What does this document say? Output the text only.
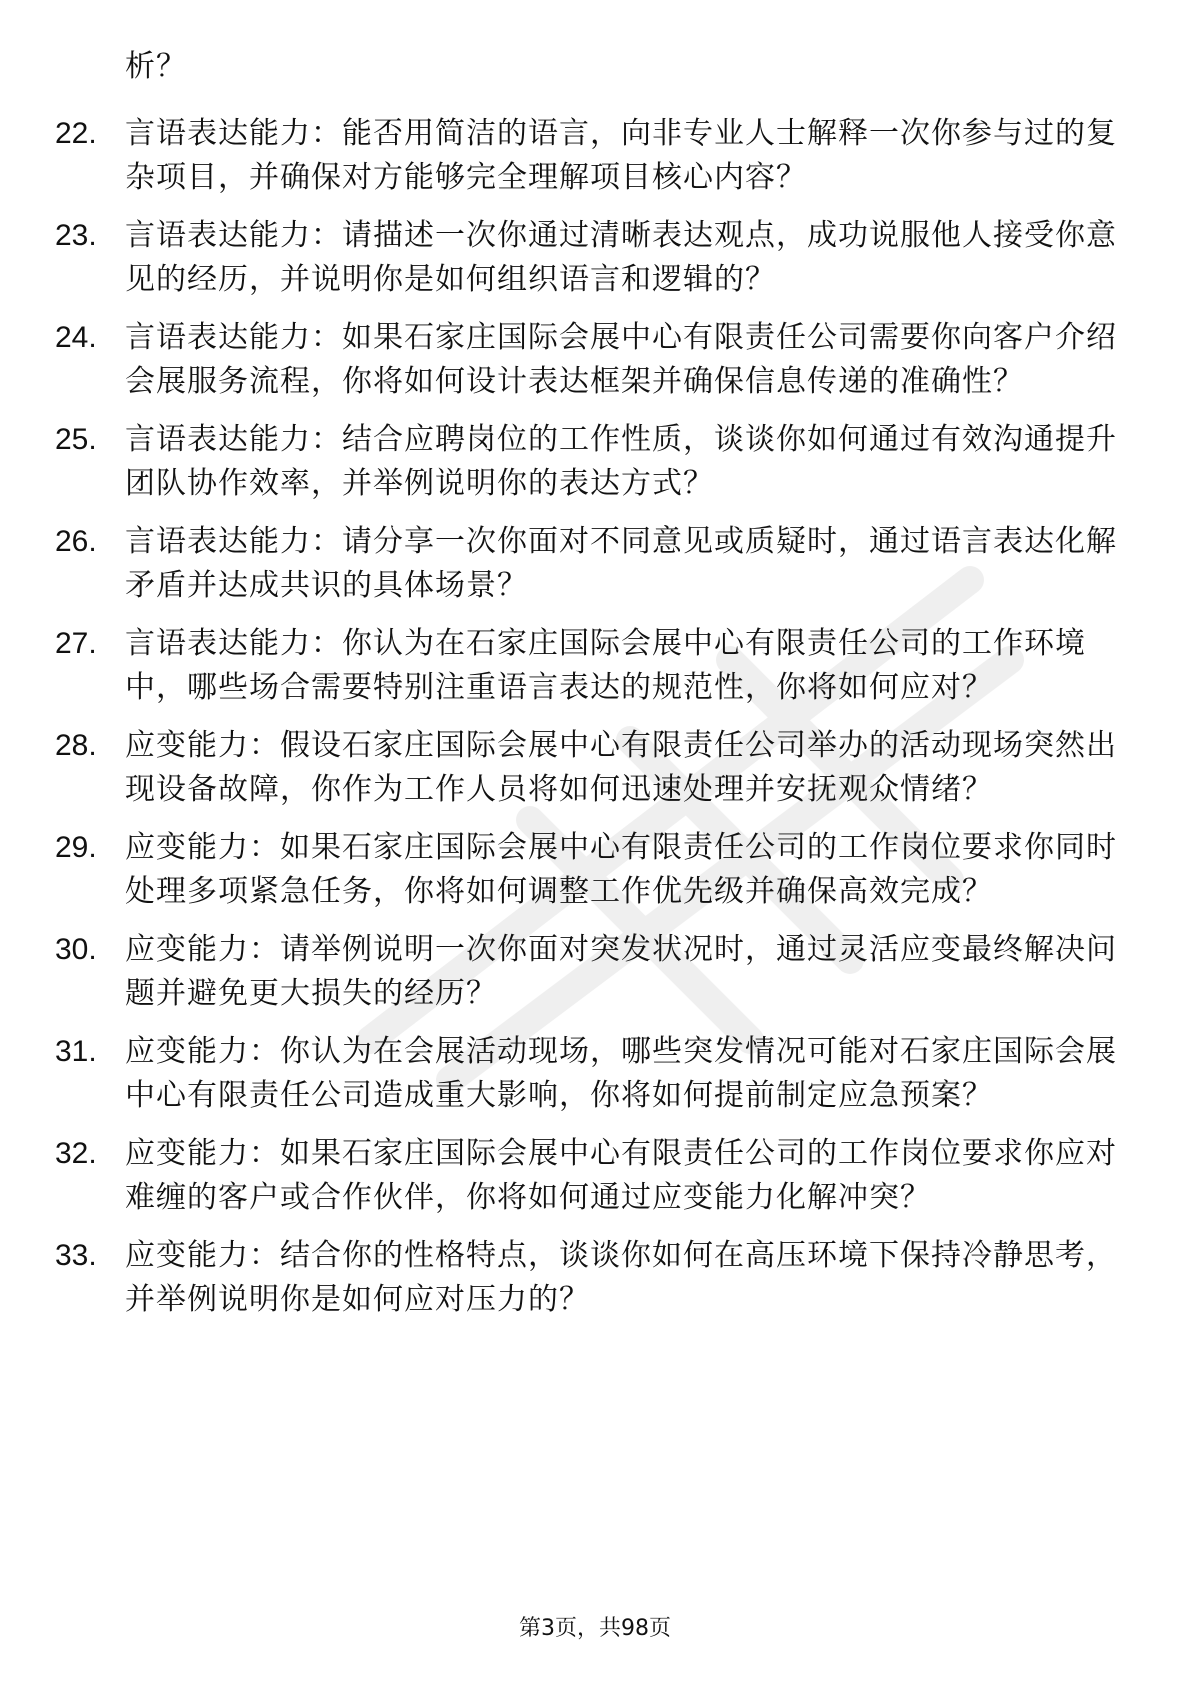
析？
22. 言语表达能力：能否用简洁的语言，向非专业人士解释一次你参与过的复杂项目，并确保对方能够完全理解项目核心内容？
23. 言语表达能力：请描述一次你通过清晰表达观点，成功说服他人接受你意见的经历，并说明你是如何组织语言和逻辑的？
24. 言语表达能力：如果石家庄国际会展中心有限责任公司需要你向客户介绍会展服务流程，你将如何设计表达框架并确保信息传递的准确性？
25. 言语表达能力：结合应聘岗位的工作性质，谈谈你如何通过有效沟通提升团队协作效率，并举例说明你的表达方式？
26. 言语表达能力：请分享一次你面对不同意见或质疑时，通过语言表达化解矛盾并达成共识的具体场景？
27. 言语表达能力：你认为在石家庄国际会展中心有限责任公司的工作环境中，哪些场合需要特别注重语言表达的规范性，你将如何应对？
28. 应变能力：假设石家庄国际会展中心有限责任公司举办的活动现场突然出现设备故障，你作为工作人员将如何迅速处理并安抚观众情绪？
29. 应变能力：如果石家庄国际会展中心有限责任公司的工作岗位要求你同时处理多项紧急任务，你将如何调整工作优先级并确保高效完成？
30. 应变能力：请举例说明一次你面对突发状况时，通过灵活应变最终解决问题并避免更大损失的经历？
31. 应变能力：你认为在会展活动现场，哪些突发情况可能对石家庄国际会展中心有限责任公司造成重大影响，你将如何提前制定应急预案？
32. 应变能力：如果石家庄国际会展中心有限责任公司的工作岗位要求你应对难缠的客户或合作伙伴，你将如何通过应变能力化解冲突？
33. 应变能力：结合你的性格特点，谈谈你如何在高压环境下保持冷静思考，并举例说明你是如何应对压力的？
第3页，共98页
